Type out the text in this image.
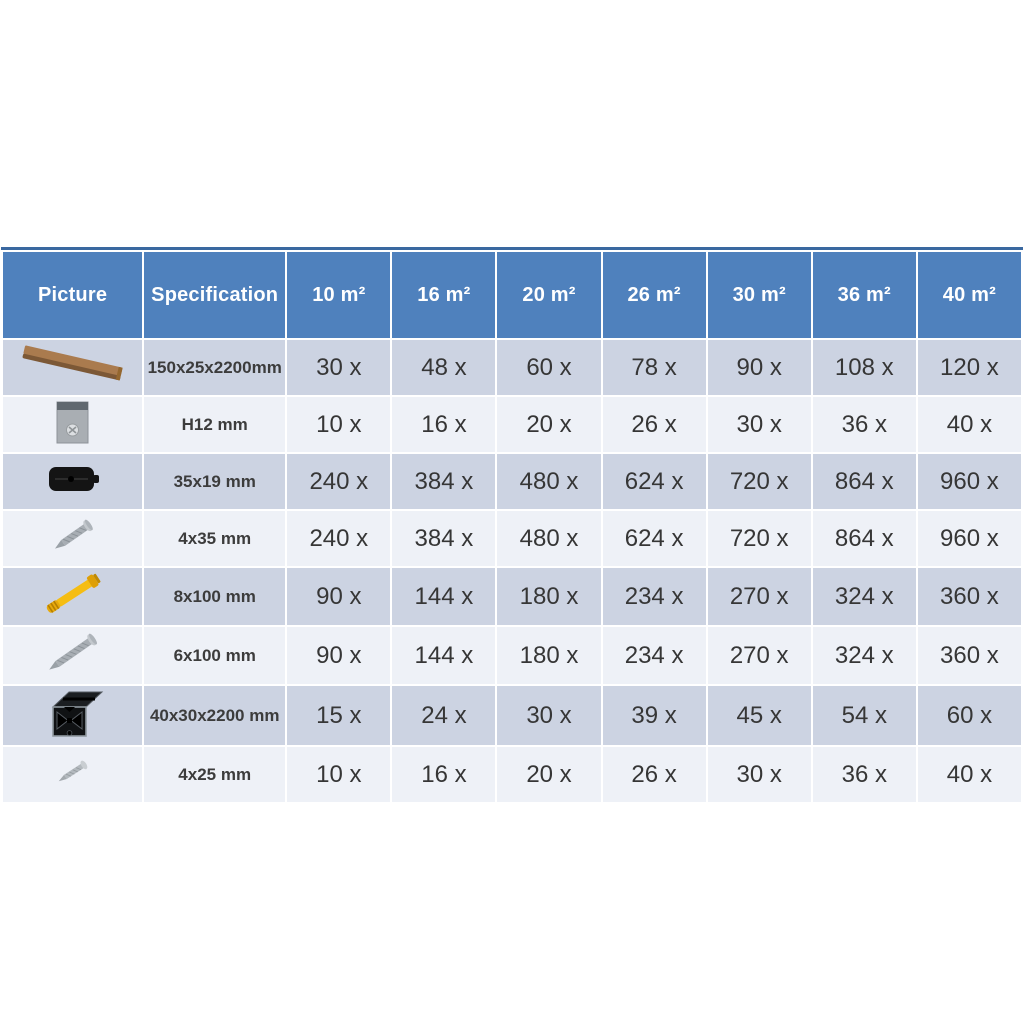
Picture	Specification	10 m²	16 m²	20 m²	26 m²	30 m²	36 m²	40 m²

	150x25x2200mm	30 x	48 x	60 x	78 x	90 x	108 x	120 x

	H12 mm	10 x	16 x	20 x	26 x	30 x	36 x	40 x

	35x19 mm	240 x	384 x	480 x	624 x	720 x	864 x	960 x

	4x35 mm	240 x	384 x	480 x	624 x	720 x	864 x	960 x

	8x100 mm	90 x	144 x	180 x	234 x	270 x	324 x	360 x

	6x100 mm	90 x	144 x	180 x	234 x	270 x	324 x	360 x

	40x30x2200 mm	15 x	24 x	30 x	39 x	45 x	54 x	60 x

	4x25 mm	10 x	16 x	20 x	26 x	30 x	36 x	40 x
